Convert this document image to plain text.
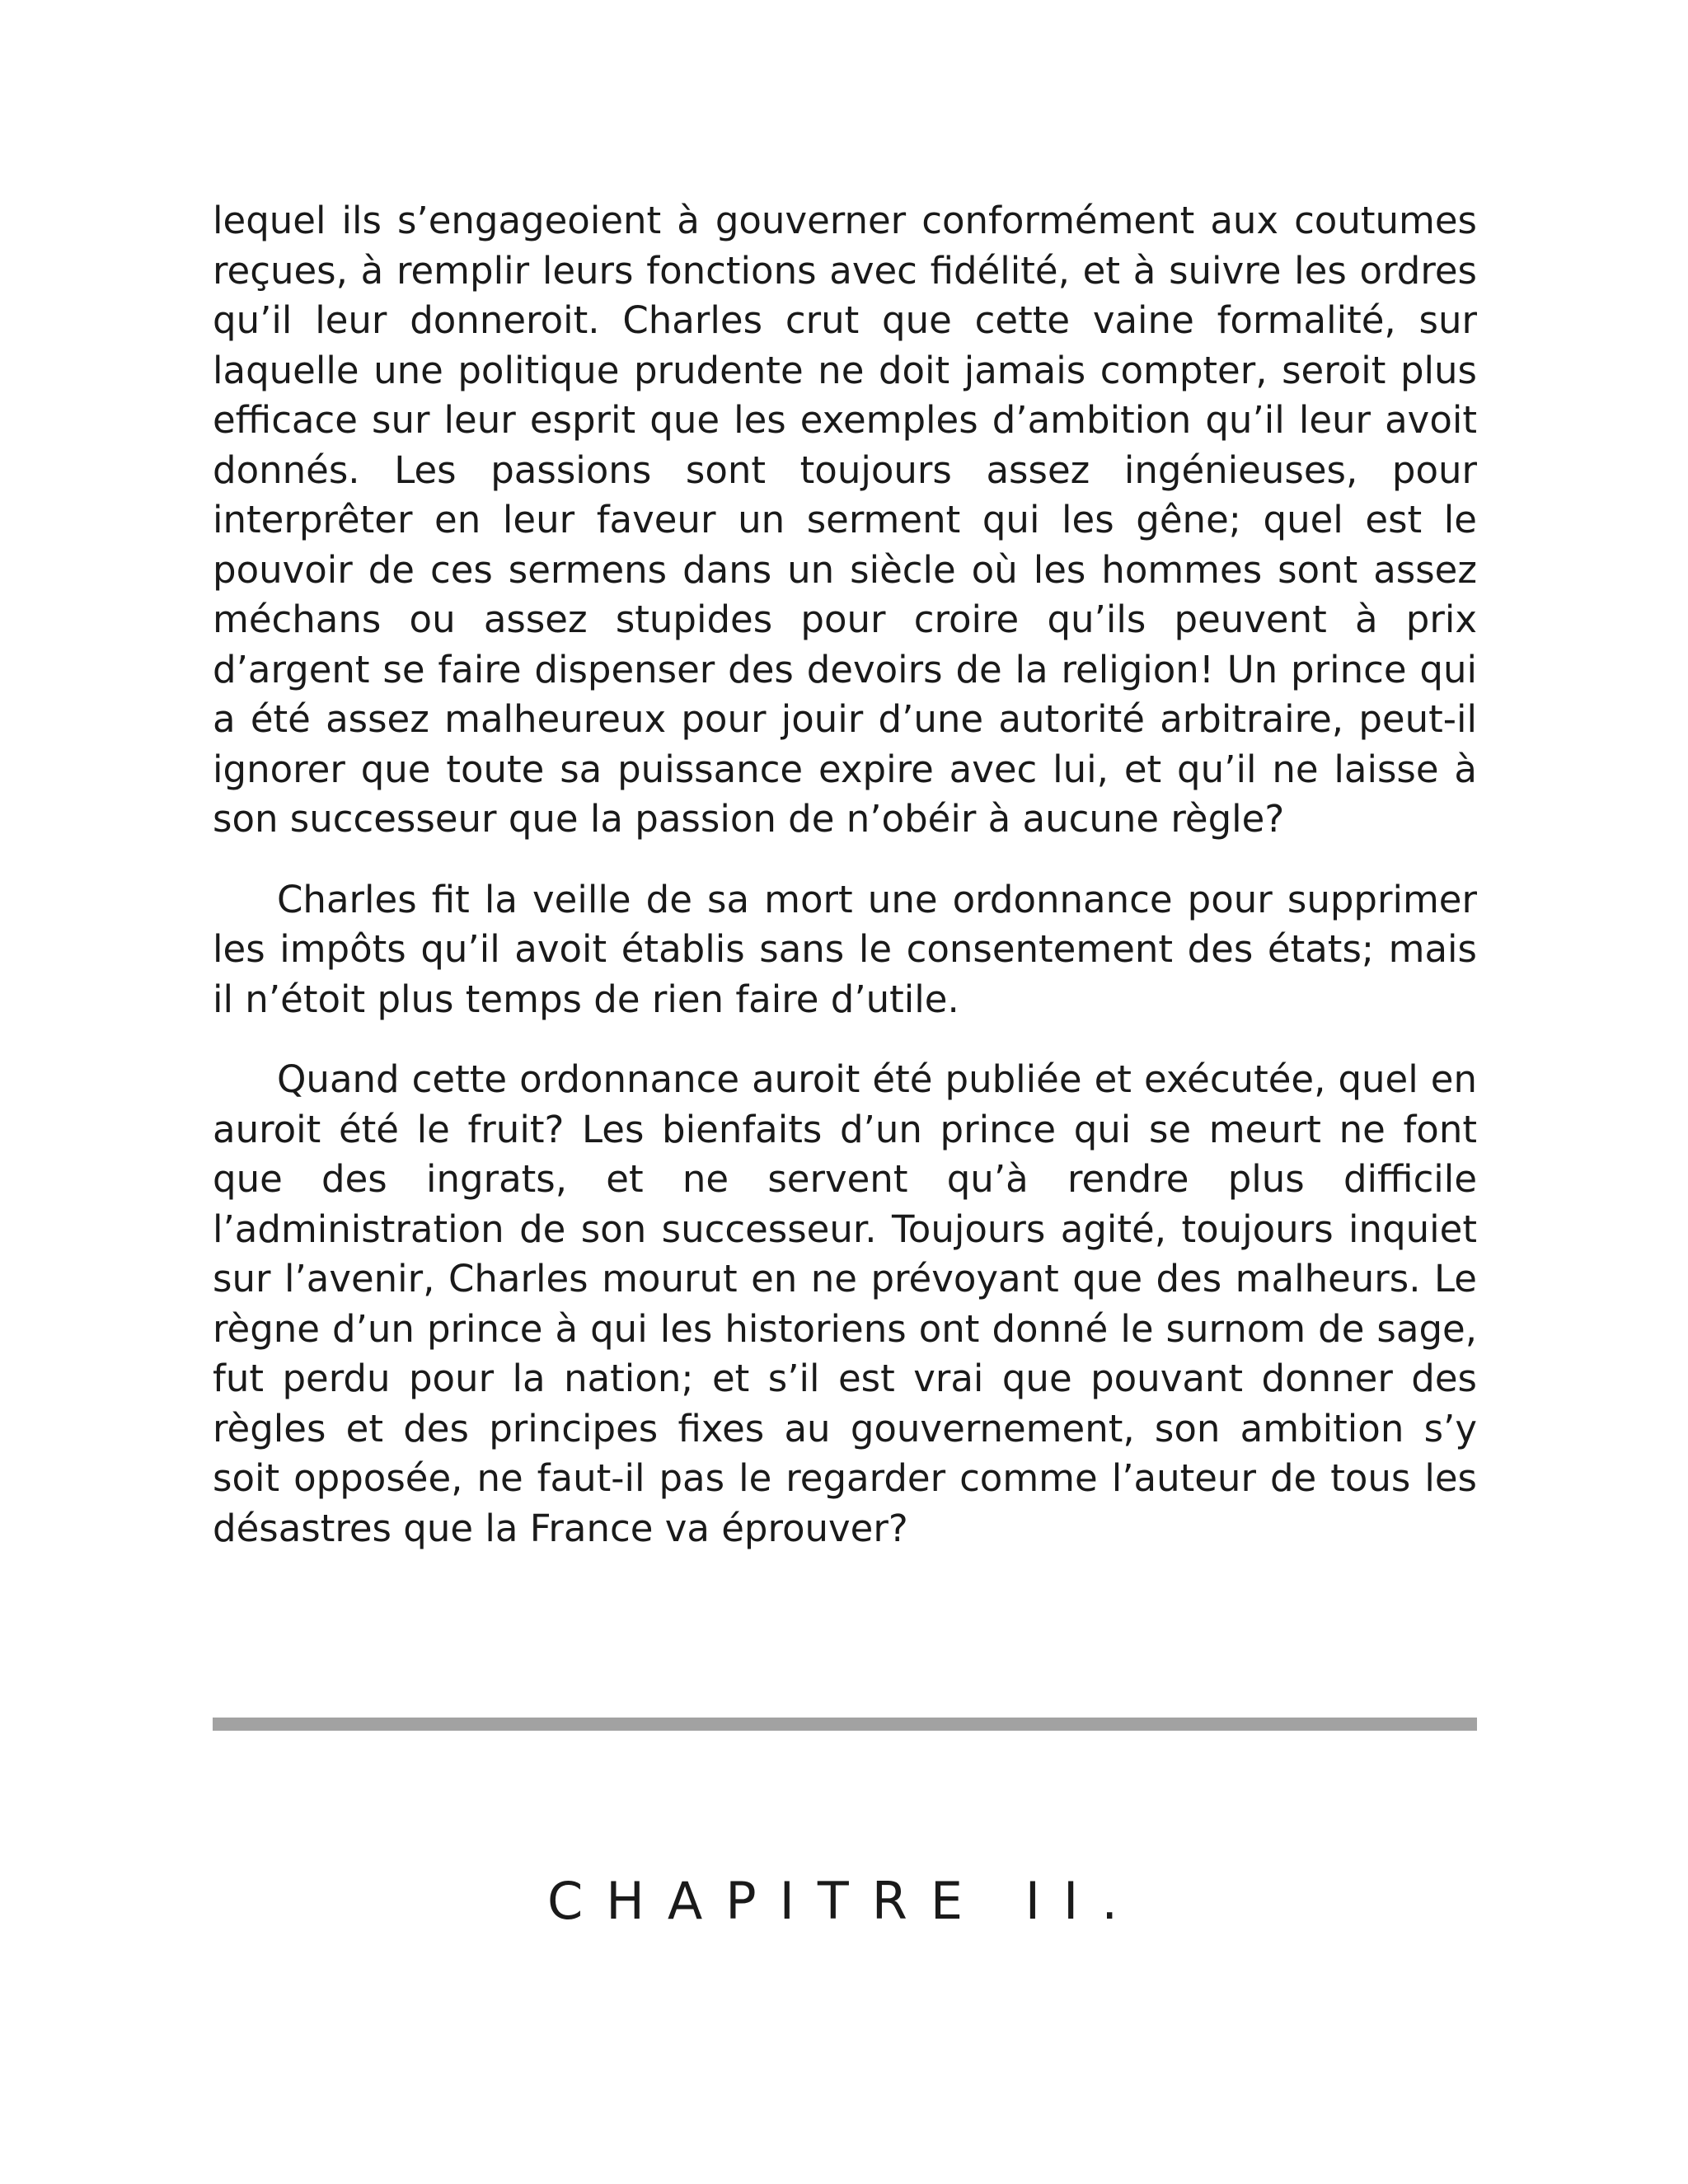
lequel ils s’engageoient à gouverner conformément aux coutumes reçues, à remplir leurs fonctions avec fidélité, et à suivre les ordres qu’il leur donneroit. Charles crut que cette vaine formalité, sur laquelle une politique prudente ne doit jamais compter, seroit plus efficace sur leur esprit que les exemples d’ambition qu’il leur avoit donnés. Les passions sont toujours assez ingénieuses, pour interprêter en leur faveur un serment qui les gêne; quel est le pouvoir de ces sermens dans un siècle où les hommes sont assez méchans ou assez stupides pour croire qu’ils peuvent à prix d’argent se faire dispenser des devoirs de la religion! Un prince qui a été assez malheureux pour jouir d’une autorité arbitraire, peut-il ignorer que toute sa puissance expire avec lui, et qu’il ne laisse à son successeur que la passion de n’obéir à aucune règle?

Charles fit la veille de sa mort une ordonnance pour supprimer les impôts qu’il avoit établis sans le consentement des états; mais il n’étoit plus temps de rien faire d’utile.

Quand cette ordonnance auroit été publiée et exécutée, quel en auroit été le fruit? Les bienfaits d’un prince qui se meurt ne font que des ingrats, et ne servent qu’à rendre plus difficile l’administration de son successeur. Toujours agité, toujours inquiet sur l’avenir, Charles mourut en ne prévoyant que des malheurs. Le règne d’un prince à qui les historiens ont donné le surnom de sage, fut perdu pour la nation; et s’il est vrai que pouvant donner des règles et des principes fixes au gouvernement, son ambition s’y soit opposée, ne faut-il pas le regarder comme l’auteur de tous les désastres que la France va éprouver?

CHAPITRE II.
